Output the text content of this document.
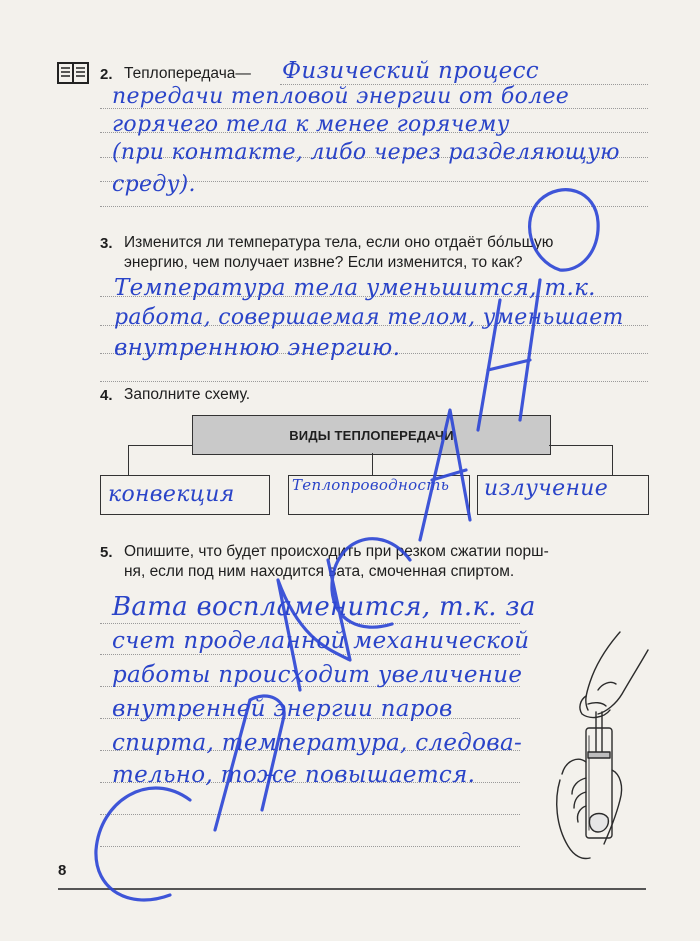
2. Теплопередача— Физический процесс
передачи тепловой энергии от более
горячего тела к менее горячему
(при контакте, либо через разделяющую
среду).
3. Изменится ли температура тела, если оно отдаёт бóльшую
энергию, чем получает извне? Если изменится, то как?
Температура тела уменьшится, т.к.
работа, совершаемая телом, уменьшает
внутреннюю энергию.
4. Заполните схему.
ВИДЫ ТЕПЛОПЕРЕДАЧИ
конвекция	Теплопроводность излучение
5. Опишите, что будет происходить при резком сжатии порш-
ня, если под ним находится вата, смоченная спиртом.
Вата воспламенится, т.к. за
счет проделанной механической
работы происходит увеличение
внутренней энергии паров
спирта, температура, следова-
тельно, тоже повышается.
8
